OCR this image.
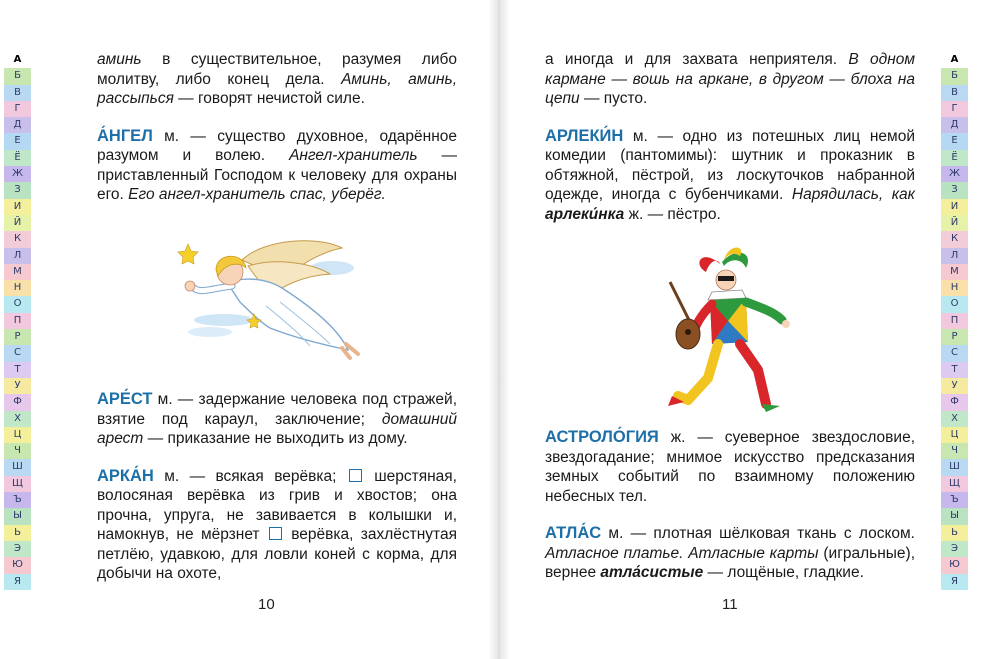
А
Б
В
Г
Д
Е
Ё
Ж
З
И
Й
К
Л
М
Н
О
П
Р
С
Т
У
Ф
Х
Ц
Ч
Ш
Щ
Ъ
Ы
Ь
Э
Ю
Я
А
Б
В
Г
Д
Е
Ё
Ж
З
И
Й
К
Л
М
Н
О
П
Р
С
Т
У
Ф
Х
Ц
Ч
Ш
Щ
Ъ
Ы
Ь
Э
Ю
Я

аминь в существительное, разумея либо молитву, либо конец дела. Аминь, аминь, рассыпься — говорят нечистой силе.

А́НГЕЛ м. — существо духовное, одарённое разумом и волею. Ангел-хранитель — приставленный Господом к человеку для охраны его. Его ангел-хранитель спас, уберёг.

АРЕ́СТ м. — задержание человека под стражей, взятие под караул, заключение; домашний арест — приказание не выходить из дому.

АРКА́Н м. — всякая верёвка;  шерстяная, волосяная верёвка из грив и хвостов; она прочна, упруга, не завивается в колышки и, намокнув, не мёрзнет  верёвка, захлёстнутая петлёю, удавкою, для ловли коней с корма, для добычи на охоте,

10

а иногда и для захвата неприятеля. В одном кармане — вошь на аркане, в другом — блоха на цепи — пусто.

АРЛЕКИ́Н м. — одно из потешных лиц немой комедии (пантомимы): шутник и проказник в обтяжной, пёстрой, из лоскуточков набранной одежде, иногда с бубенчиками. Нарядилась, как арлеки́нка ж. — пёстро.

АСТРОЛО́ГИЯ ж. — суеверное звездословие, звездогадание; мнимое искусство предсказания земных событий по взаимному положению небесных тел.

АТЛА́С м. — плотная шёлковая ткань с лоском. Атласное платье. Атласные карты (игральные), вернее атла́систые — лощёные, гладкие.

11
